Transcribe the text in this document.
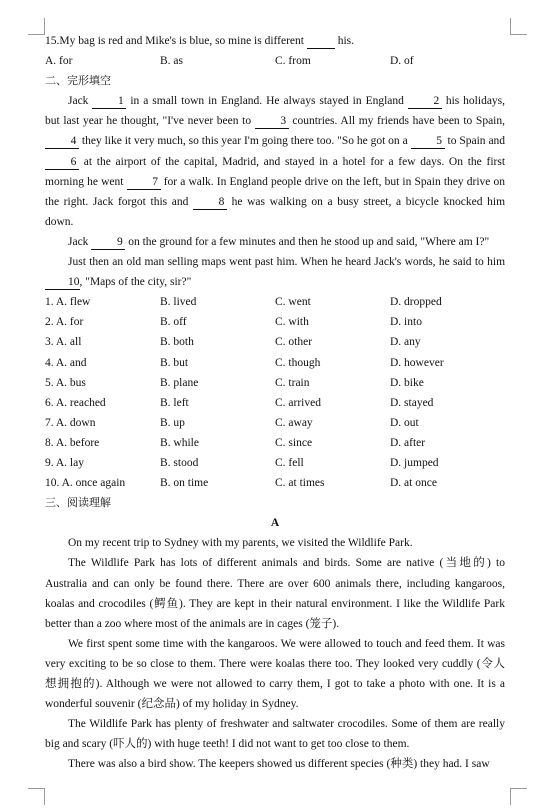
15.My bag is red and Mike's is blue, so mine is different	his.
A. for	B. as	C. from	D. of
二、完形填空
Jack	1 in a small town in England. He always stayed in England	2 his holidays, but last year he thought, "I've never been to	3 countries. All my friends have been to Spain, 4 they like it very much, so this year I'm going there too. "So he got on a 5 to Spain and 6 at the airport of the capital, Madrid, and stayed in a hotel for a few days. On the first morning he went	7 for a walk. In England people drive on the left, but in Spain they drive on the right. Jack forgot this and	8 he was walking on a busy street, a bicycle knocked him down.
Jack 9 on the ground for a few minutes and then he stood up and said, "Where am I?"
Just then an old man selling maps went past him. When he heard Jack's words, he said to him 10, "Maps of the city, sir?"
1. A. flew	B. lived	C. went	D. dropped
2. A. for	B. off	C. with	D. into
3. A. all	B. both	C. other	D. any
4. A. and	B. but	C. though	D. however
5. A. bus	B. plane	C. train	D. bike
6. A. reached	B. left	C. arrived	D. stayed
7. A. down	B. up	C. away	D. out
8. A. before	B. while	C. since	D. after
9. A. lay	B. stood	C. fell	D. jumped
10. A. once again	B. on time	C. at times	D. at once
三、阅读理解
A
On my recent trip to Sydney with my parents, we visited the Wildlife Park.
The Wildlife Park has lots of different animals and birds. Some are native (当地的) to Australia and can only be found there. There are over 600 animals there, including kangaroos, koalas and crocodiles (鳄鱼). They are kept in their natural environment. I like the Wildlife Park better than a zoo where most of the animals are in cages (笼子).
We first spent some time with the kangaroos. We were allowed to touch and feed them. It was very exciting to be so close to them. There were koalas there too. They looked very cuddly (令人 想拥抱的). Although we were not allowed to carry them, I got to take a photo with one. It is a wonderful souvenir (纪念品) of my holiday in Sydney.
The Wildlife Park has plenty of freshwater and saltwater crocodiles. Some of them are really big and scary (吓人的) with huge teeth! I did not want to get too close to them.
There was also a bird show. The keepers showed us different species (种类) they had. I saw
